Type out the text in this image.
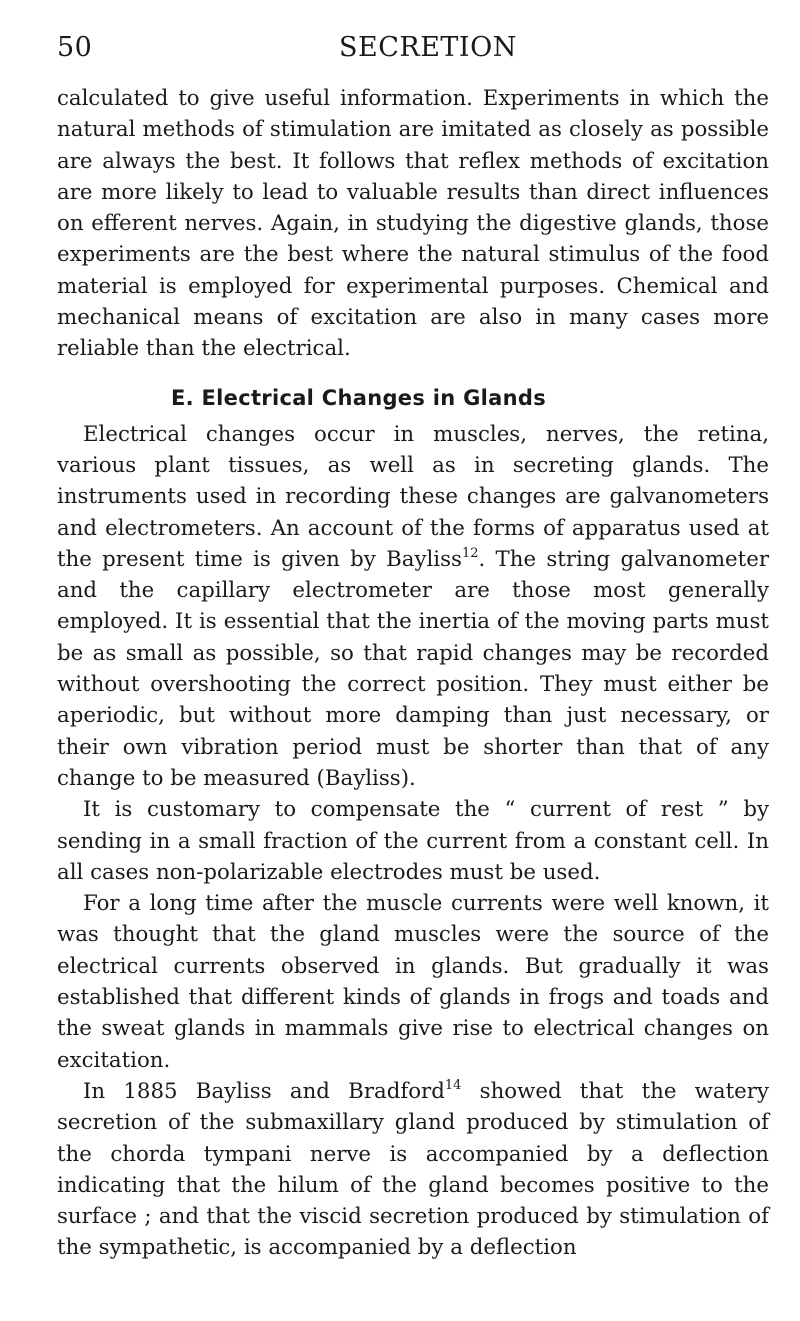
50	SECRETION

calculated to give useful information. Experiments in which the natural methods of stimulation are imitated as closely as possible are always the best. It follows that reflex methods of excitation are more likely to lead to valuable results than direct influences on efferent nerves. Again, in studying the digestive glands, those experiments are the best where the natural stimulus of the food material is employed for experimental purposes. Chemical and mechanical means of excitation are also in many cases more reliable than the electrical.

E. Electrical Changes in Glands

Electrical changes occur in muscles, nerves, the retina, various plant tissues, as well as in secreting glands. The instruments used in recording these changes are galvanometers and electrometers. An account of the forms of apparatus used at the present time is given by Bayliss$^{12}$. The string galvanometer and the capillary electrometer are those most generally employed. It is essential that the inertia of the moving parts must be as small as possible, so that rapid changes may be recorded without overshooting the correct position. They must either be aperiodic, but without more damping than just necessary, or their own vibration period must be shorter than that of any change to be measured (Bayliss).

It is customary to compensate the “ current of rest ” by sending in a small fraction of the current from a constant cell. In all cases non-polarizable electrodes must be used.

For a long time after the muscle currents were well known, it was thought that the gland muscles were the source of the electrical currents observed in glands. But gradually it was established that different kinds of glands in frogs and toads and the sweat glands in mammals give rise to electrical changes on excitation.

In 1885 Bayliss and Bradford$^{14}$ showed that the watery secretion of the submaxillary gland produced by stimulation of the chorda tympani nerve is accompanied by a deflection indicating that the hilum of the gland becomes positive to the surface ; and that the viscid secretion produced by stimulation of the sympathetic, is accompanied by a deflection
